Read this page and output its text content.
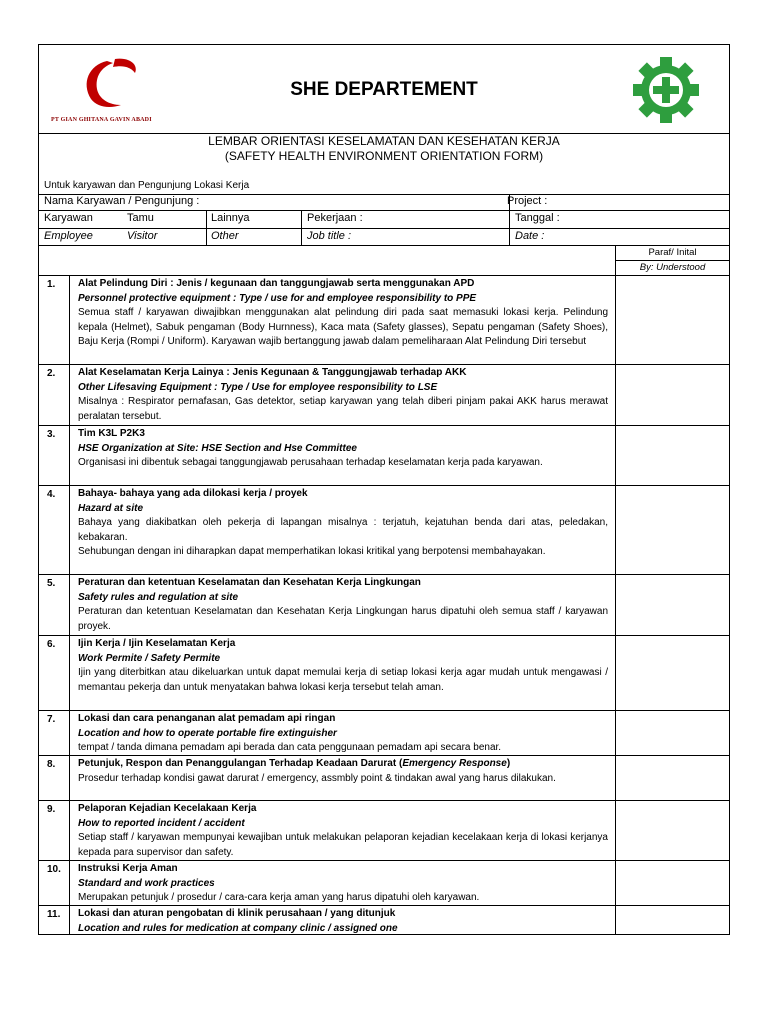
PT GIAN GHITANA GAVIN ABADI
SHE DEPARTEMENT
LEMBAR ORIENTASI KESELAMATAN DAN KESEHATAN KERJA
(SAFETY HEALTH ENVIRONMENT ORIENTATION FORM)
Untuk karyawan dan Pengunjung Lokasi Kerja
Nama Karyawan / Pengunjung :	Project :
Karyawan	Tamu	Lainnya	Pekerjaan :	Tanggal :
Employee	Visitor	Other	Job title :	Date :
Paraf/ Inital
By: Understood
1. Alat Pelindung Diri : Jenis / kegunaan dan tanggungjawab serta menggunakan APD
Personnel protective equipment : Type / use for and employee responsibility to PPE
Semua staff / karyawan diwajibkan menggunakan alat pelindung diri pada saat memasuki lokasi kerja. Pelindung kepala (Helmet), Sabuk pengaman (Body Hurnness), Kaca mata (Safety glasses), Sepatu pengaman (Safety Shoes), Baju Kerja (Rompi / Uniform). Karyawan wajib bertanggung jawab dalam pemeliharaan Alat Pelindung Diri tersebut
2. Alat Keselamatan Kerja Lainya : Jenis Kegunaan & Tanggungjawab terhadap AKK
Other Lifesaving Equipment : Type / Use for employee responsibility to LSE
Misalnya : Respirator pernafasan, Gas detektor, setiap karyawan yang telah diberi pinjam pakai AKK harus merawat peralatan tersebut.
3. Tim K3L P2K3
HSE Organization at Site: HSE Section and Hse Committee
Organisasi ini dibentuk sebagai tanggungjawab perusahaan terhadap keselamatan kerja pada karyawan.
4. Bahaya- bahaya yang ada dilokasi kerja / proyek
Hazard at site
Bahaya yang diakibatkan oleh pekerja di lapangan misalnya : terjatuh, kejatuhan benda dari atas, peledakan, kebakaran.
Sehubungan dengan ini diharapkan dapat memperhatikan lokasi kritikal yang berpotensi membahayakan.
5. Peraturan dan ketentuan Keselamatan dan Kesehatan Kerja Lingkungan
Safety rules and regulation at site
Peraturan dan ketentuan Keselamatan dan Kesehatan Kerja Lingkungan harus dipatuhi oleh semua staff / karyawan proyek.
6. Ijin Kerja / Ijin Keselamatan Kerja
Work Permite / Safety Permite
Ijin yang diterbitkan atau dikeluarkan untuk dapat memulai kerja di setiap lokasi kerja agar mudah untuk mengawasi / memantau pekerja dan untuk menyatakan bahwa lokasi kerja tersebut telah aman.
7. Lokasi dan cara penanganan alat pemadam api ringan
Location and how to operate portable fire extinguisher
tempat / tanda dimana pemadam api berada dan cata penggunaan pemadam api secara benar.
8. Petunjuk, Respon dan Penanggulangan Terhadap Keadaan Darurat (Emergency Response)
Prosedur terhadap kondisi gawat darurat / emergency, assmbly point & tindakan awal yang harus dilakukan.
9. Pelaporan Kejadian Kecelakaan Kerja
How to reported incident / accident
Setiap staff / karyawan mempunyai kewajiban untuk melakukan pelaporan kejadian kecelakaan kerja di lokasi kerjanya kepada para supervisor dan safety.
10. Instruksi Kerja Aman
Standard and work practices
Merupakan petunjuk / prosedur / cara-cara kerja aman yang harus dipatuhi oleh karyawan.
11. Lokasi dan aturan pengobatan di klinik perusahaan / yang ditunjuk
Location and rules for medication at company clinic / assigned one
